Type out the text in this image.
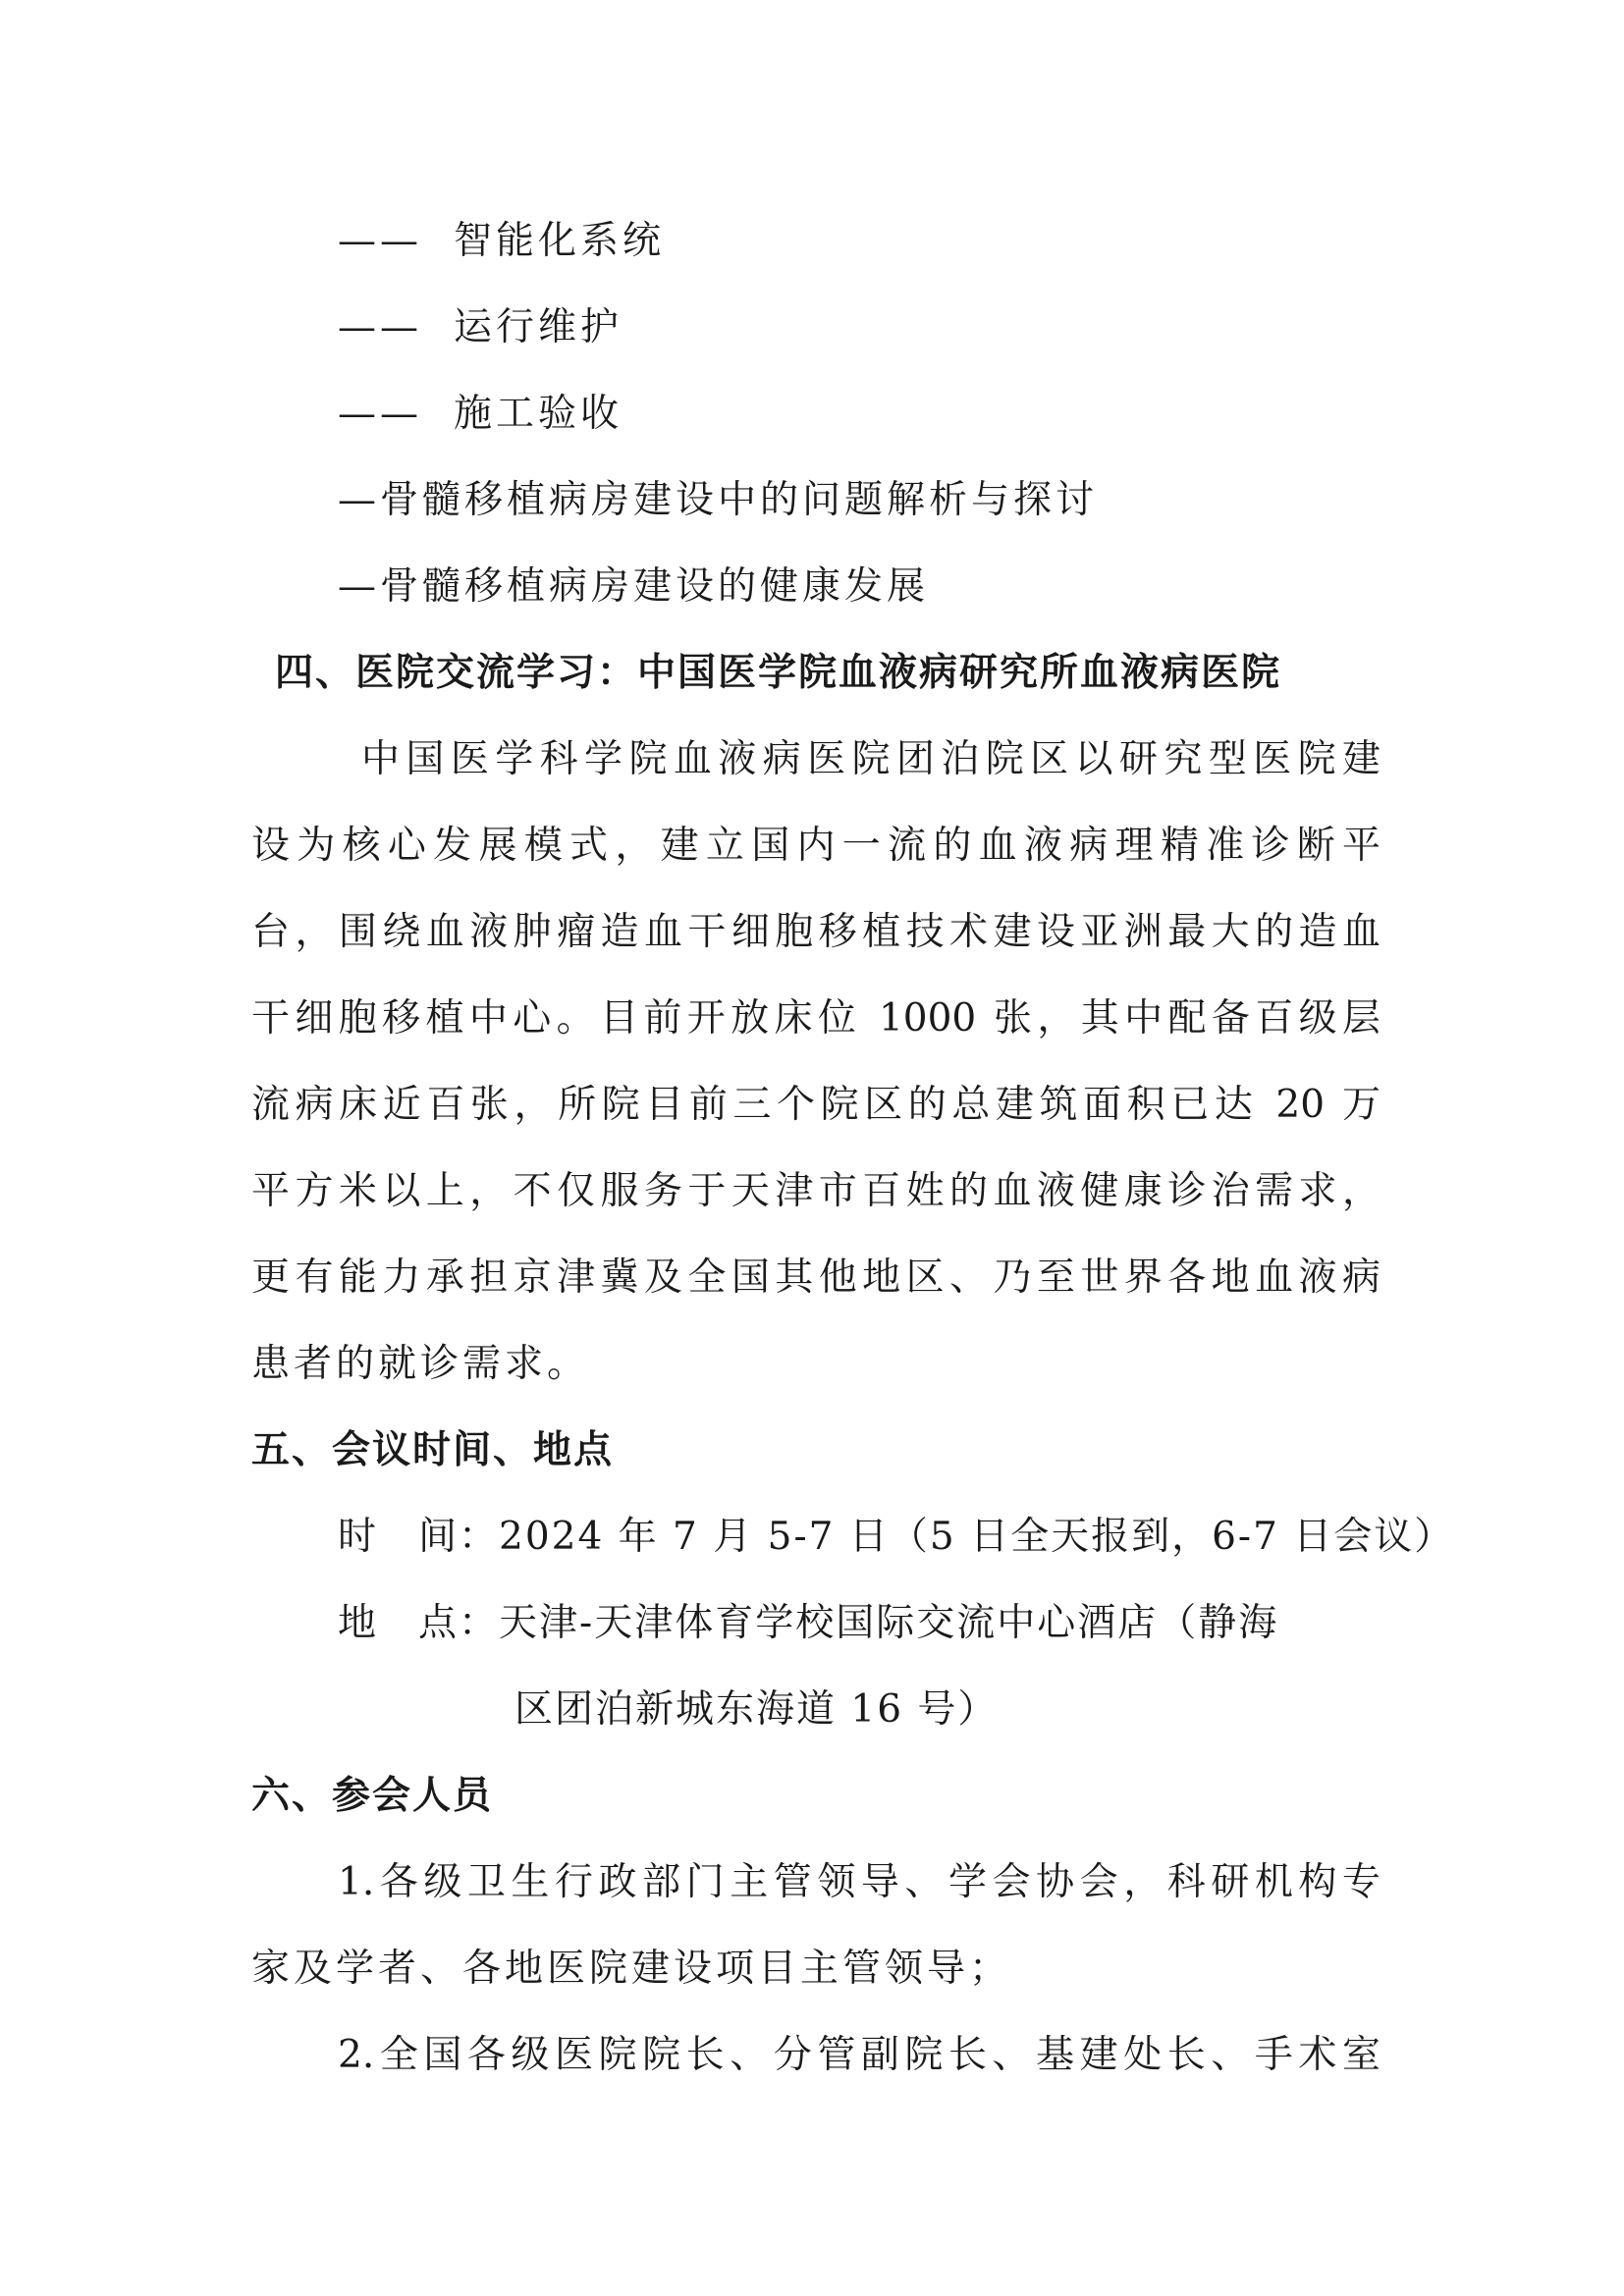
—— 智能化系统
—— 运行维护
—— 施工验收
—骨髓移植病房建设中的问题解析与探讨
—骨髓移植病房建设的健康发展
四、医院交流学习：中国医学院血液病研究所血液病医院
中国医学科学院血液病医院团泊院区以研究型医院建
设为核心发展模式，建立国内一流的血液病理精准诊断平
台，围绕血液肿瘤造血干细胞移植技术建设亚洲最大的造血
干细胞移植中心。目前开放床位 1000 张，其中配备百级层
流病床近百张，所院目前三个院区的总建筑面积已达 20 万
平方米以上，不仅服务于天津市百姓的血液健康诊治需求，
更有能力承担京津冀及全国其他地区、乃至世界各地血液病
患者的就诊需求。
五、会议时间、地点
时　间：2024 年 7 月 5-7 日（5 日全天报到，6-7 日会议）
地　点：天津-天津体育学校国际交流中心酒店（静海
区团泊新城东海道 16 号）
六、参会人员
1.各级卫生行政部门主管领导、学会协会，科研机构专
家及学者、各地医院建设项目主管领导；
2.全国各级医院院长、分管副院长、基建处长、手术室
